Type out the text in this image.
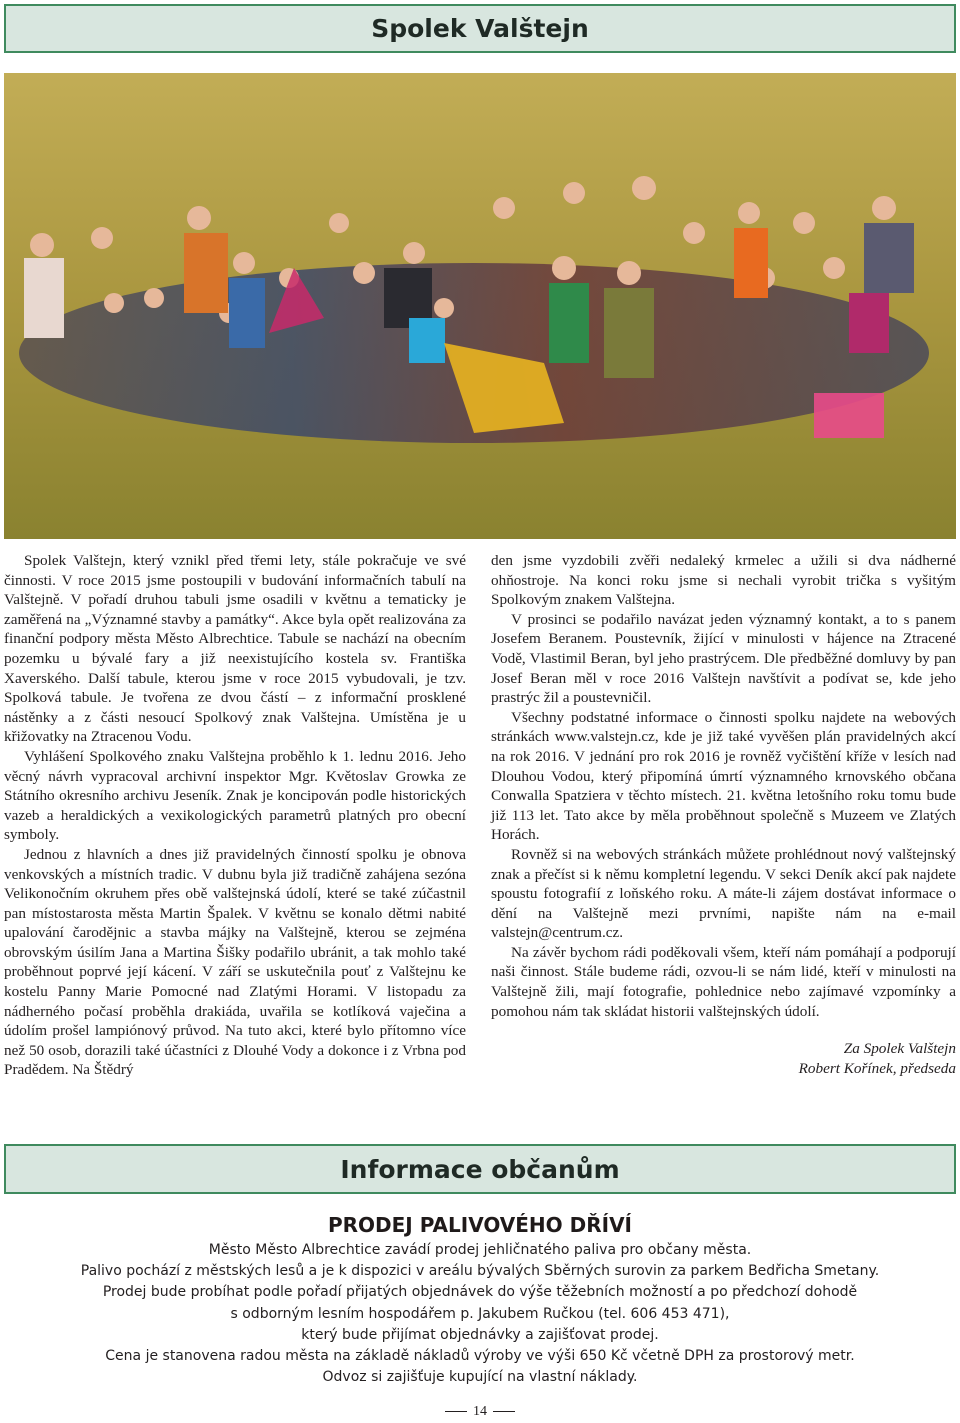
Spolek Valštejn

Spolek Valštejn, který vznikl před třemi lety, stále pokračuje ve své činnosti. V roce 2015 jsme postoupili v budování informačních tabulí na Valštejně. V pořadí druhou tabuli jsme osadili v květnu a tematicky je zaměřená na „Významné stavby a památky“. Akce byla opět realizována za finanční podpory města Město Albrechtice. Tabule se nachází na obecním pozemku u bývalé fary a již neexistujícího kostela sv. Františka Xaverského. Další tabule, kterou jsme v roce 2015 vybudovali, je tzv. Spolková tabule. Je tvořena ze dvou částí – z informační prosklené nástěnky a z části nesoucí Spolkový znak Valštejna. Umístěna je u křižovatky na Ztracenou Vodu.

Vyhlášení Spolkového znaku Valštejna proběhlo k 1. lednu 2016. Jeho věcný návrh vypracoval archivní inspektor Mgr. Květoslav Growka ze Státního okresního archivu Jeseník. Znak je koncipován podle historických vazeb a heraldických a vexikologických parametrů platných pro obecní symboly.

Jednou z hlavních a dnes již pravidelných činností spolku je obnova venkovských a místních tradic. V dubnu byla již tradičně zahájena sezóna Velikonočním okruhem přes obě valštejnská údolí, které se také zúčastnil pan místostarosta města Martin Špalek. V květnu se konalo dětmi nabité upalování čarodějnic a stavba májky na Valštejně, kterou se zejména obrovským úsilím Jana a Martina Šišky podařilo ubránit, a tak mohlo také proběhnout poprvé její kácení. V září se uskutečnila pouť z Valštejnu ke kostelu Panny Marie Pomocné nad Zlatými Horami. V listopadu za nádherného počasí proběhla drakiáda, uvařila se kotlíková vaječina a údolím prošel lampiónový průvod. Na tuto akci, které bylo přítomno více než 50 osob, dorazili také účastníci z Dlouhé Vody a dokonce i z Vrbna pod Pradědem. Na Štědrý

den jsme vyzdobili zvěři nedaleký krmelec a užili si dva nádherné ohňostroje. Na konci roku jsme si nechali vyrobit trička s vyšitým Spolkovým znakem Valštejna.

V prosinci se podařilo navázat jeden významný kontakt, a to s panem Josefem Beranem. Poustevník, žijící v minulosti v hájence na Ztracené Vodě, Vlastimil Beran, byl jeho prastrýcem. Dle předběžné domluvy by pan Josef Beran měl v roce 2016 Valštejn navštívit a podívat se, kde jeho prastrýc žil a poustevničil.

Všechny podstatné informace o činnosti spolku najdete na webových stránkách www.valstejn.cz, kde je již také vyvěšen plán pravidelných akcí na rok 2016. V jednání pro rok 2016 je rovněž vyčištění kříže v lesích nad Dlouhou Vodou, který připomíná úmrtí významného krnovského občana Conwalla Spatziera v těchto místech. 21. května letošního roku tomu bude již 113 let. Tato akce by měla proběhnout společně s Muzeem ve Zlatých Horách.

Rovněž si na webových stránkách můžete prohlédnout nový valštejnský znak a přečíst si k němu kompletní legendu. V sekci Deník akcí pak najdete spoustu fotografií z loňského roku. A máte-li zájem dostávat informace o dění na Valštejně mezi prvními, napište nám na e-mail valstejn@centrum.cz.

Na závěr bychom rádi poděkovali všem, kteří nám pomáhají a podporují naši činnost. Stále budeme rádi, ozvou-li se nám lidé, kteří v minulosti na Valštejně žili, mají fotografie, pohlednice nebo zajímavé vzpomínky a pomohou nám tak skládat historii valštejnských údolí.

Za Spolek Valštejn
Robert Kořínek, předseda
Informace občanům
PRODEJ PALIVOVÉHO DŘÍVÍ
Město Město Albrechtice zavádí prodej jehličnatého paliva pro občany města.
Palivo pochází z městských lesů a je k dispozici v areálu bývalých Sběrných surovin za parkem Bedřicha Smetany.
Prodej bude probíhat podle pořadí přijatých objednávek do výše těžebních možností a po předchozí dohodě
s odborným lesním hospodářem p. Jakubem Ručkou (tel. 606 453 471),
který bude přijímat objednávky a zajišťovat prodej.
Cena je stanovena radou města na základě nákladů výroby ve výši 650 Kč včetně DPH za prostorový metr.
Odvoz si zajišťuje kupující na vlastní náklady.
14
